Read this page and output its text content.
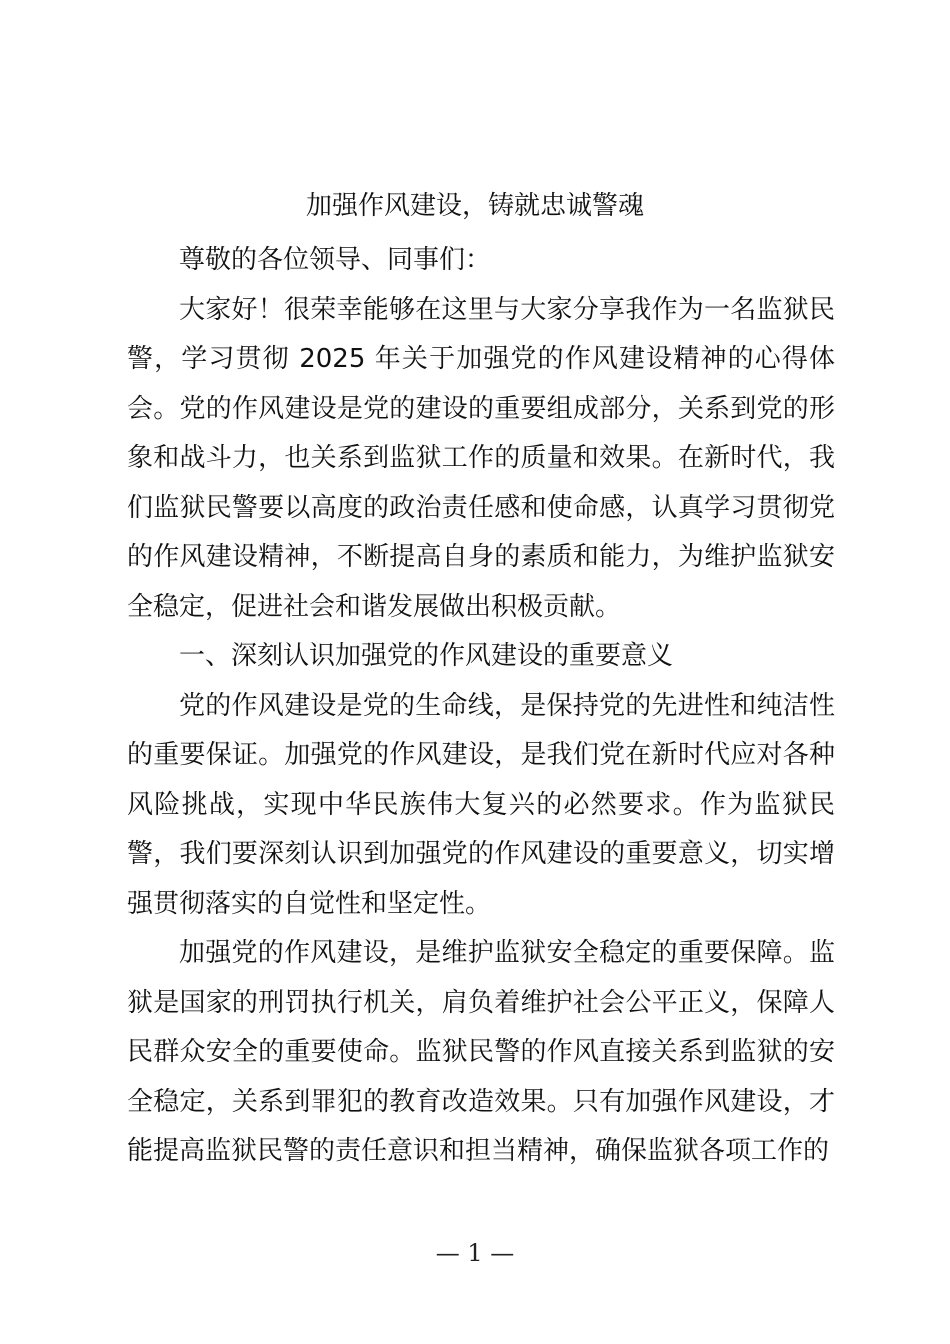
加强作风建设，铸就忠诚警魂

尊敬的各位领导、同事们：

大家好！很荣幸能够在这里与大家分享我作为一名监狱民警，学习贯彻 2025 年关于加强党的作风建设精神的心得体会。党的作风建设是党的建设的重要组成部分，关系到党的形象和战斗力，也关系到监狱工作的质量和效果。在新时代，我们监狱民警要以高度的政治责任感和使命感，认真学习贯彻党的作风建设精神，不断提高自身的素质和能力，为维护监狱安全稳定，促进社会和谐发展做出积极贡献。

一、深刻认识加强党的作风建设的重要意义

党的作风建设是党的生命线，是保持党的先进性和纯洁性的重要保证。加强党的作风建设，是我们党在新时代应对各种风险挑战，实现中华民族伟大复兴的必然要求。作为监狱民警，我们要深刻认识到加强党的作风建设的重要意义，切实增强贯彻落实的自觉性和坚定性。

加强党的作风建设，是维护监狱安全稳定的重要保障。监狱是国家的刑罚执行机关，肩负着维护社会公平正义，保障人民群众安全的重要使命。监狱民警的作风直接关系到监狱的安全稳定，关系到罪犯的教育改造效果。只有加强作风建设，才能提高监狱民警的责任意识和担当精神，确保监狱各项工作的

— 1 —
